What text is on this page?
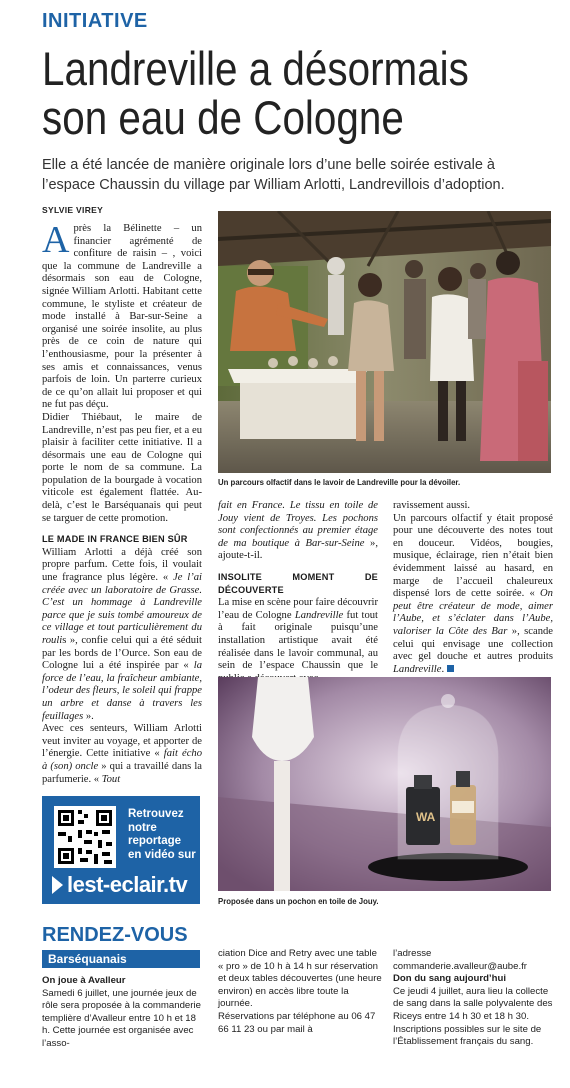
INITIATIVE
Landreville a désormais
son eau de Cologne
Elle a été lancée de manière originale lors d’une belle soirée estivale à l’espace Chaussin du village par William Arlotti, Landrevillois d’adoption.
SYLVIE VIREY

Après la Bélinette – un financier agrémenté de confiture de raisin – , voici que la commune de Landreville a désormais son eau de Cologne, signée William Arlotti. Habitant cette commune, le styliste et créateur de mode installé à Bar-sur-Seine a organisé une soirée insolite, au plus près de ce coin de nature qui l’enthousiasme, pour la présenter à ses amis et connaissances, venus parfois de loin. Un parterre curieux de ce qu’on allait lui proposer et qui ne fut pas déçu.

Didier Thiébaut, le maire de Landreville, n’est pas peu fier, et a eu plaisir à faciliter cette initiative. Il a désormais une eau de Cologne qui porte le nom de sa commune. La population de la bourgade à vocation viticole est également flattée. Au-delà, c’est le Barséquanais qui peut se targuer de cette promotion.

LE MADE IN FRANCE BIEN SÛR

William Arlotti a déjà créé son propre parfum. Cette fois, il voulait une fragrance plus légère. « Je l’ai créée avec un laboratoire de Grasse. C’est un hommage à Landreville parce que je suis tombé amoureux de ce village et tout particulièrement du roulis », confie celui qui a été séduit par les bords de l’Ource. Son eau de Cologne lui a été inspirée par « la force de l’eau, la fraîcheur ambiante, l’odeur des fleurs, le soleil qui frappe un arbre et danse à travers les feuillages ».

Avec ces senteurs, William Arlotti veut inviter au voyage, et apporter de l’énergie. Cette initiative « fait écho à (son) oncle » qui a travaillé dans la parfumerie. « Tout

Un parcours olfactif dans le lavoir de Landreville pour la dévoiler.

fait en France. Le tissu en toile de Jouy vient de Troyes. Les pochons sont confectionnés au premier étage de ma boutique à Bar-sur-Seine », ajoute-t-il.

INSOLITE MOMENT DE DÉCOUVERTE

La mise en scène pour faire découvrir l’eau de Cologne Landreville fut tout à fait originale puisqu’une installation artistique avait été réalisée dans le lavoir communal, au sein de l’espace Chaussin que le

ravissement aussi.

Un parcours olfactif y était proposé pour une découverte des notes tout en douceur. Vidéos, bougies, musique, éclairage, rien n’était bien évidemment laissé au hasard, en marge de l’accueil chaleureux dispensé lors de cette soirée. « On peut être créateur de mode, aimer l’Aube, et s’éclater dans l’Aube, valoriser la Côte des Bar », scande celui qui envisage une collection avec gel douche et autres produits Landreville.

WA
Proposée dans un pochon en toile de Jouy.
Retrouvez
notre
reportage
en vidéo sur
lest-eclair.tv
RENDEZ-VOUS
Barséquanais
On joue à Avalleur
Samedi 6 juillet, une journée jeux de rôle sera proposée à la commanderie templière d’Avalleur entre 10 h et 18 h. Cette journée est organisée avec l’asso-
ciation Dice and Retry avec une table « pro » de 10 h à 14 h sur réservation et deux tables découvertes (une heure environ) en accès libre toute la journée.
Réservations par téléphone au 06 47 66 11 23 ou par mail à
l’adresse commanderie.avalleur@aube.fr
Don du sang aujourd’hui
Ce jeudi 4 juillet, aura lieu la collecte de sang dans la salle polyvalente des Riceys entre 14 h 30 et 18 h 30. Inscriptions possibles sur le site de l’Établissement français du sang.
